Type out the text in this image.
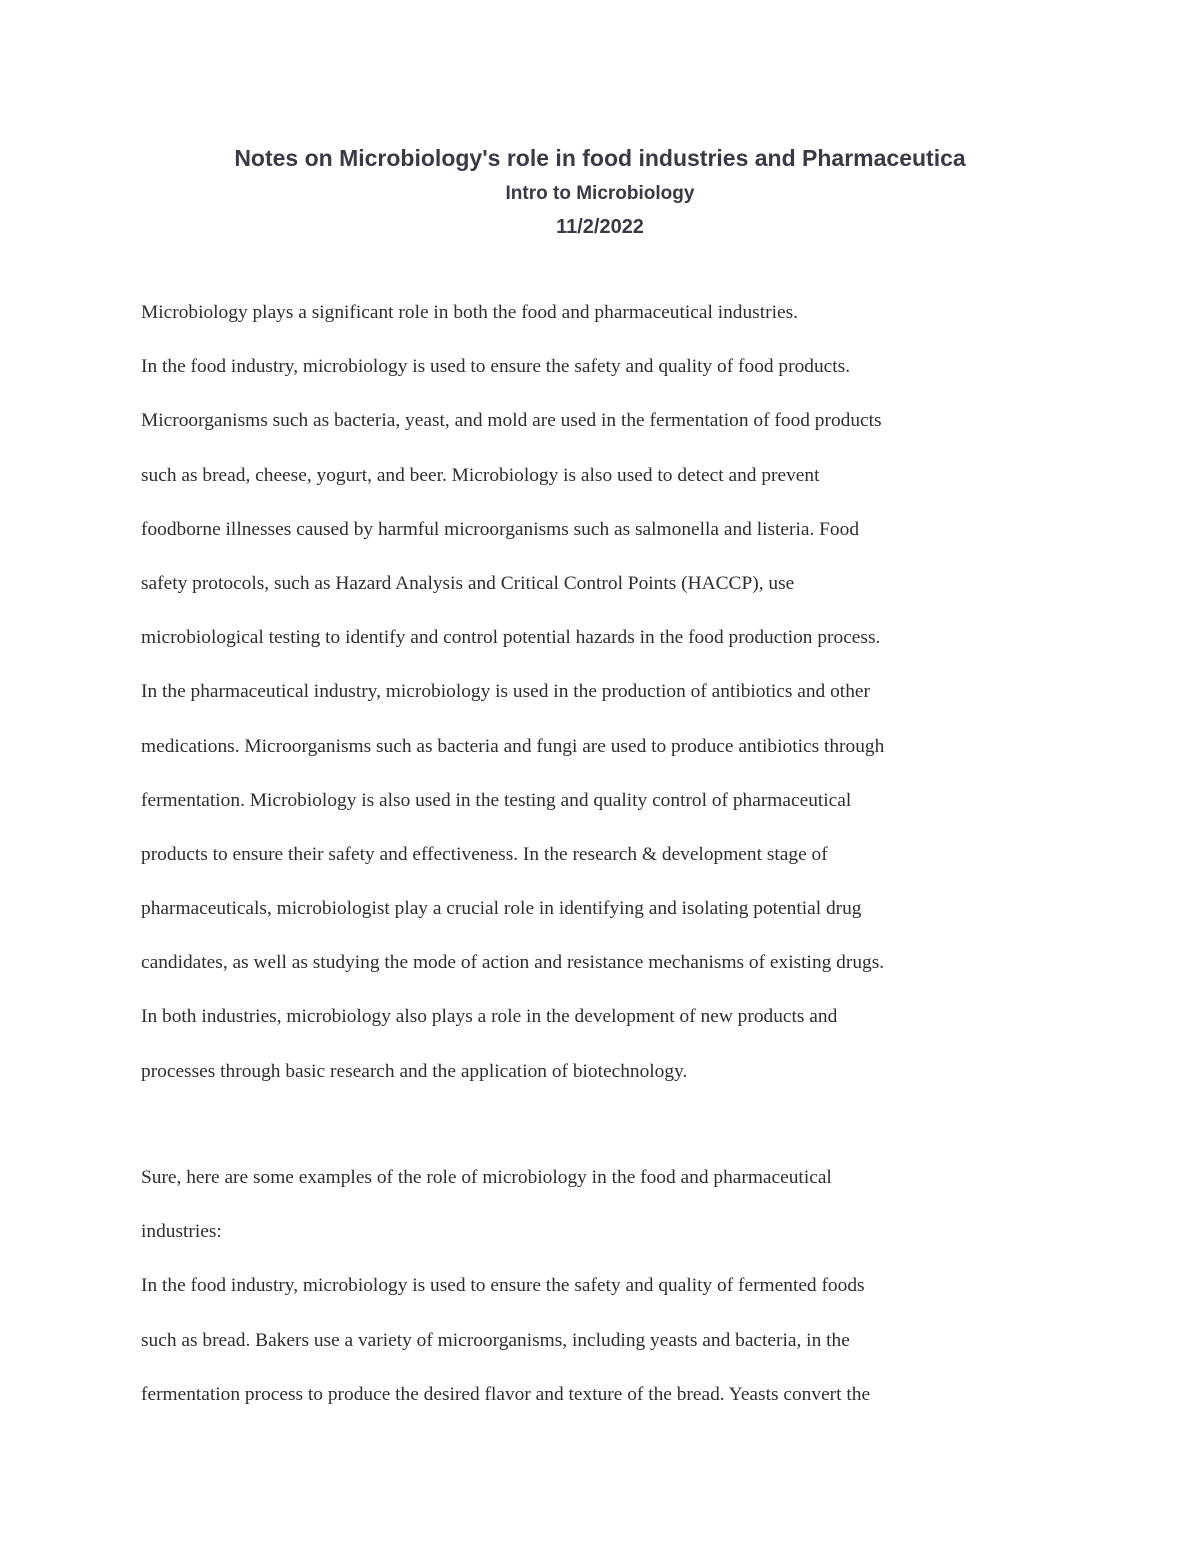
Notes on Microbiology's role in food industries and Pharmaceutica
Intro to Microbiology
11/2/2022
Microbiology plays a significant role in both the food and pharmaceutical industries.
In the food industry, microbiology is used to ensure the safety and quality of food products.
Microorganisms such as bacteria, yeast, and mold are used in the fermentation of food products
such as bread, cheese, yogurt, and beer. Microbiology is also used to detect and prevent
foodborne illnesses caused by harmful microorganisms such as salmonella and listeria. Food
safety protocols, such as Hazard Analysis and Critical Control Points (HACCP), use
microbiological testing to identify and control potential hazards in the food production process.
In the pharmaceutical industry, microbiology is used in the production of antibiotics and other
medications. Microorganisms such as bacteria and fungi are used to produce antibiotics through
fermentation. Microbiology is also used in the testing and quality control of pharmaceutical
products to ensure their safety and effectiveness. In the research & development stage of
pharmaceuticals, microbiologist play a crucial role in identifying and isolating potential drug
candidates, as well as studying the mode of action and resistance mechanisms of existing drugs.
In both industries, microbiology also plays a role in the development of new products and
processes through basic research and the application of biotechnology.
Sure, here are some examples of the role of microbiology in the food and pharmaceutical
industries:
In the food industry, microbiology is used to ensure the safety and quality of fermented foods
such as bread. Bakers use a variety of microorganisms, including yeasts and bacteria, in the
fermentation process to produce the desired flavor and texture of the bread. Yeasts convert the
